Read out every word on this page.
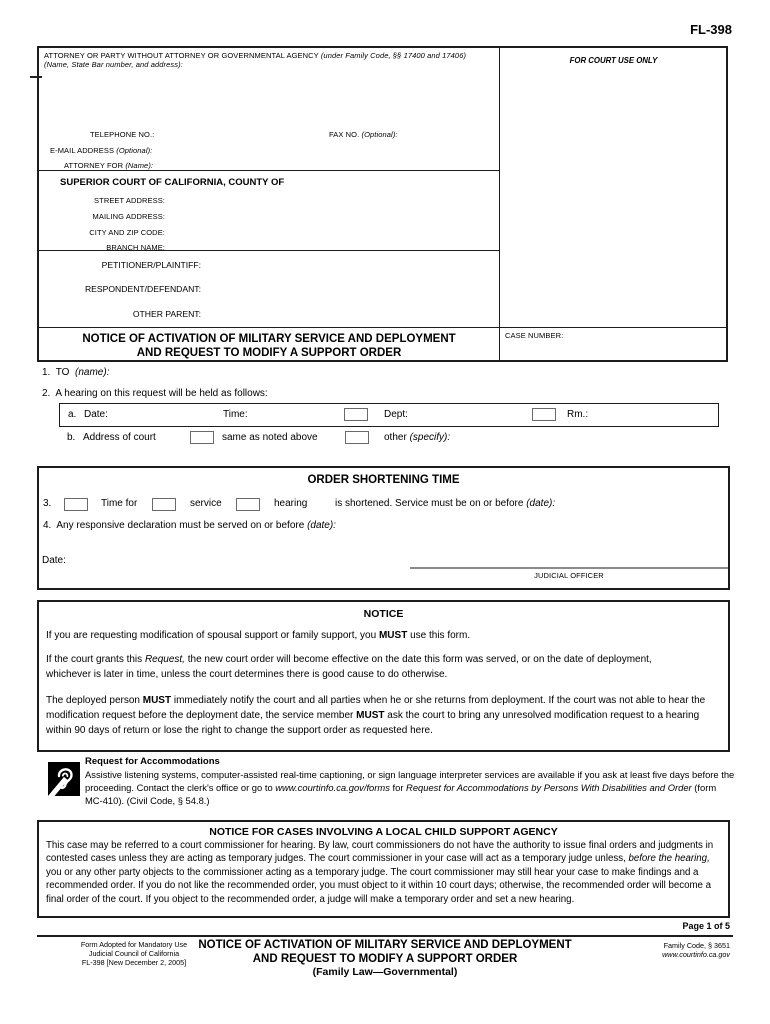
FL-398
ATTORNEY OR PARTY WITHOUT ATTORNEY OR GOVERNMENTAL AGENCY (under Family Code, §§ 17400 and 17406) (Name, State Bar number, and address):
TELEPHONE NO.:	FAX NO. (Optional):
E-MAIL ADDRESS (Optional):
ATTORNEY FOR (Name):
SUPERIOR COURT OF CALIFORNIA, COUNTY OF
STREET ADDRESS:
MAILING ADDRESS:
CITY AND ZIP CODE:
BRANCH NAME:
PETITIONER/PLAINTIFF:
RESPONDENT/DEFENDANT:
OTHER PARENT:
NOTICE OF ACTIVATION OF MILITARY SERVICE AND DEPLOYMENT
AND REQUEST TO MODIFY A SUPPORT ORDER
FOR COURT USE ONLY
CASE NUMBER:
1. TO (name):
2. A hearing on this request will be held as follows:
a. Date:	Time:	Dept:	Rm.:
b. Address of court	same as noted above	other (specify):
ORDER SHORTENING TIME
3.	Time for	service	hearing	is shortened. Service must be on or before (date):
4. Any responsive declaration must be served on or before (date):
Date:
JUDICIAL OFFICER
NOTICE

If you are requesting modification of spousal support or family support, you MUST use this form.

If the court grants this Request, the new court order will become effective on the date this form was served, or on the date of deployment, whichever is later in time, unless the court determines there is good cause to do otherwise.

The deployed person MUST immediately notify the court and all parties when he or she returns from deployment. If the court was not able to hear the modification request before the deployment date, the service member MUST ask the court to bring any unresolved modification request to a hearing within 90 days of return or lose the right to change the support order as requested here.

Request for Accommodations

Assistive listening systems, computer-assisted real-time captioning, or sign language interpreter services are available if you ask at least five days before the proceeding. Contact the clerk's office or go to www.courtinfo.ca.gov/forms for Request for Accommodations by Persons With Disabilities and Order (form MC-410). (Civil Code, § 54.8.)

NOTICE FOR CASES INVOLVING A LOCAL CHILD SUPPORT AGENCY

This case may be referred to a court commissioner for hearing. By law, court commissioners do not have the authority to issue final orders and judgments in contested cases unless they are acting as temporary judges. The court commissioner in your case will act as a temporary judge unless, before the hearing, you or any other party objects to the commissioner acting as a temporary judge. The court commissioner may still hear your case to make findings and a recommended order. If you do not like the recommended order, you must object to it within 10 court days; otherwise, the recommended order will become a final order of the court. If you object to the recommended order, a judge will make a temporary order and set a new hearing.

Page 1 of 5
Form Adopted for Mandatory Use
Judicial Council of California
FL-398 [New December 2, 2005]
NOTICE OF ACTIVATION OF MILITARY SERVICE AND DEPLOYMENT
AND REQUEST TO MODIFY A SUPPORT ORDER
(Family Law—Governmental)
Family Code, § 3651
www.courtinfo.ca.gov
